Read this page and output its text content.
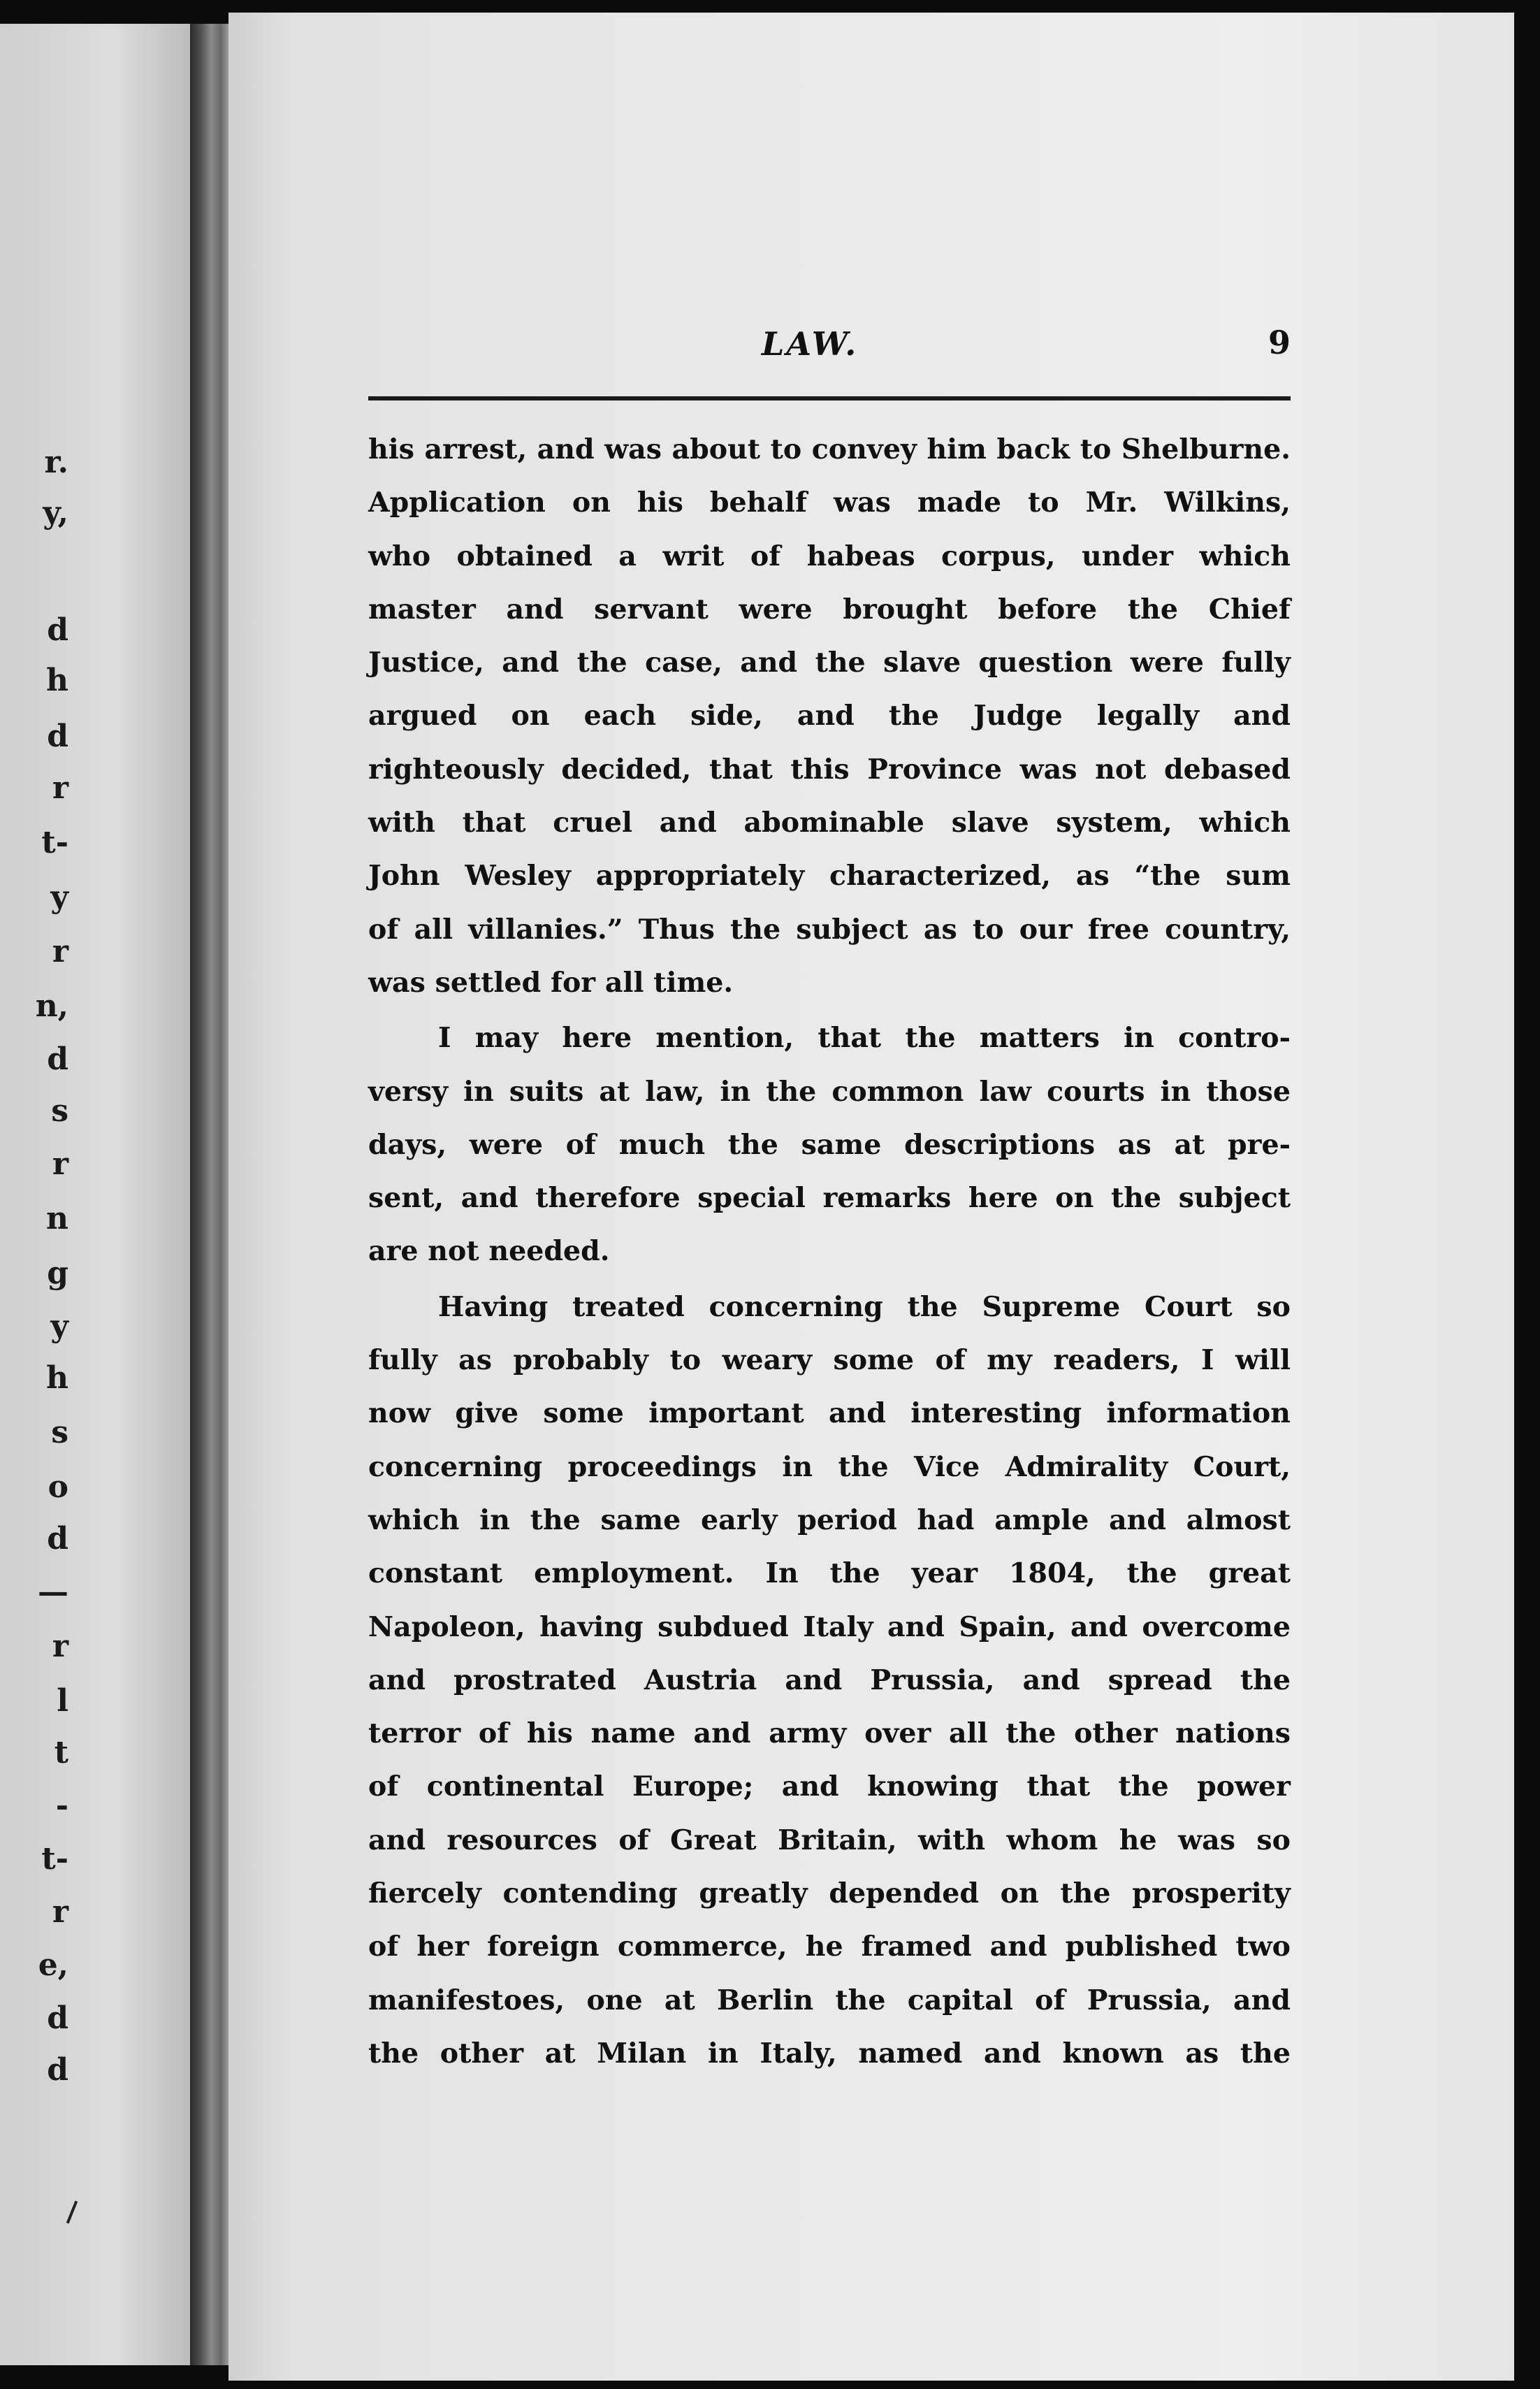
r.
y,
d
h
d
r
t-
y
r
n,
d
s
r
n
g
y
h
s
o
d
—
r
l
t
-
t-
r
e,
d
d
LAW.	9
his arrest, and was about to convey him back to Shelburne.
Application on his behalf was made to Mr. Wilkins,
who obtained a writ of habeas corpus, under which
master and servant were brought before the Chief
Justice, and the case, and the slave question were fully
argued on each side, and the Judge legally and
righteously decided, that this Province was not debased
with that cruel and abominable slave system, which
John Wesley appropriately characterized, as “the sum
of all villanies.” Thus the subject as to our free country,
was settled for all time.
I may here mention, that the matters in contro-
versy in suits at law, in the common law courts in those
days, were of much the same descriptions as at pre-
sent, and therefore special remarks here on the subject
are not needed.
Having treated concerning the Supreme Court so
fully as probably to weary some of my readers, I will
now give some important and interesting information
concerning proceedings in the Vice Admirality Court,
which in the same early period had ample and almost
constant employment. In the year 1804, the great
Napoleon, having subdued Italy and Spain, and overcome
and prostrated Austria and Prussia, and spread the
terror of his name and army over all the other nations
of continental Europe; and knowing that the power
and resources of Great Britain, with whom he was so
fiercely contending greatly depended on the prosperity
of her foreign commerce, he framed and published two
manifestoes, one at Berlin the capital of Prussia, and
the other at Milan in Italy, named and known as the
